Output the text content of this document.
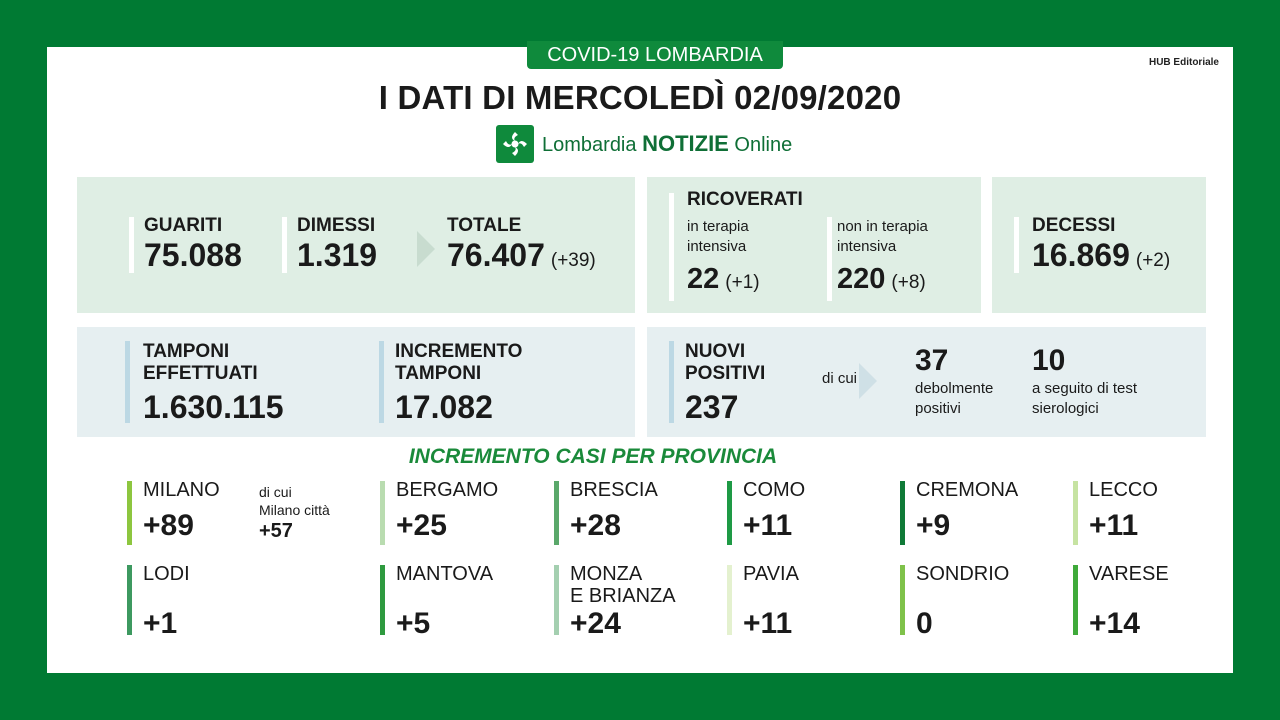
COVID-19 LOMBARDIA	HUB Editoriale
I DATI DI MERCOLEDÌ 02/09/2020
Lombardia NOTIZIE Online
GUARITI
75.088
DIMESSI
1.319
TOTALE
76.407 (+39)
RICOVERATI
in terapia
intensiva
22 (+1)
non in terapia
intensiva
220 (+8)
DECESSI
16.869 (+2)
TAMPONI
EFFETTUATI
1.630.115
INCREMENTO
TAMPONI
17.082
NUOVI
POSITIVI
237
di cui
37
debolmente
positivi
10
a seguito di test
sierologici
INCREMENTO CASI PER PROVINCIA
MILANO
+89
di cui
Milano città
+57
BERGAMO
+25
BRESCIA
+28
COMO
+11
CREMONA
+9
LECCO
+11
LODI
+1
MANTOVA
+5
MONZA
E BRIANZA
+24
PAVIA
+11
SONDRIO
0
VARESE
+14
